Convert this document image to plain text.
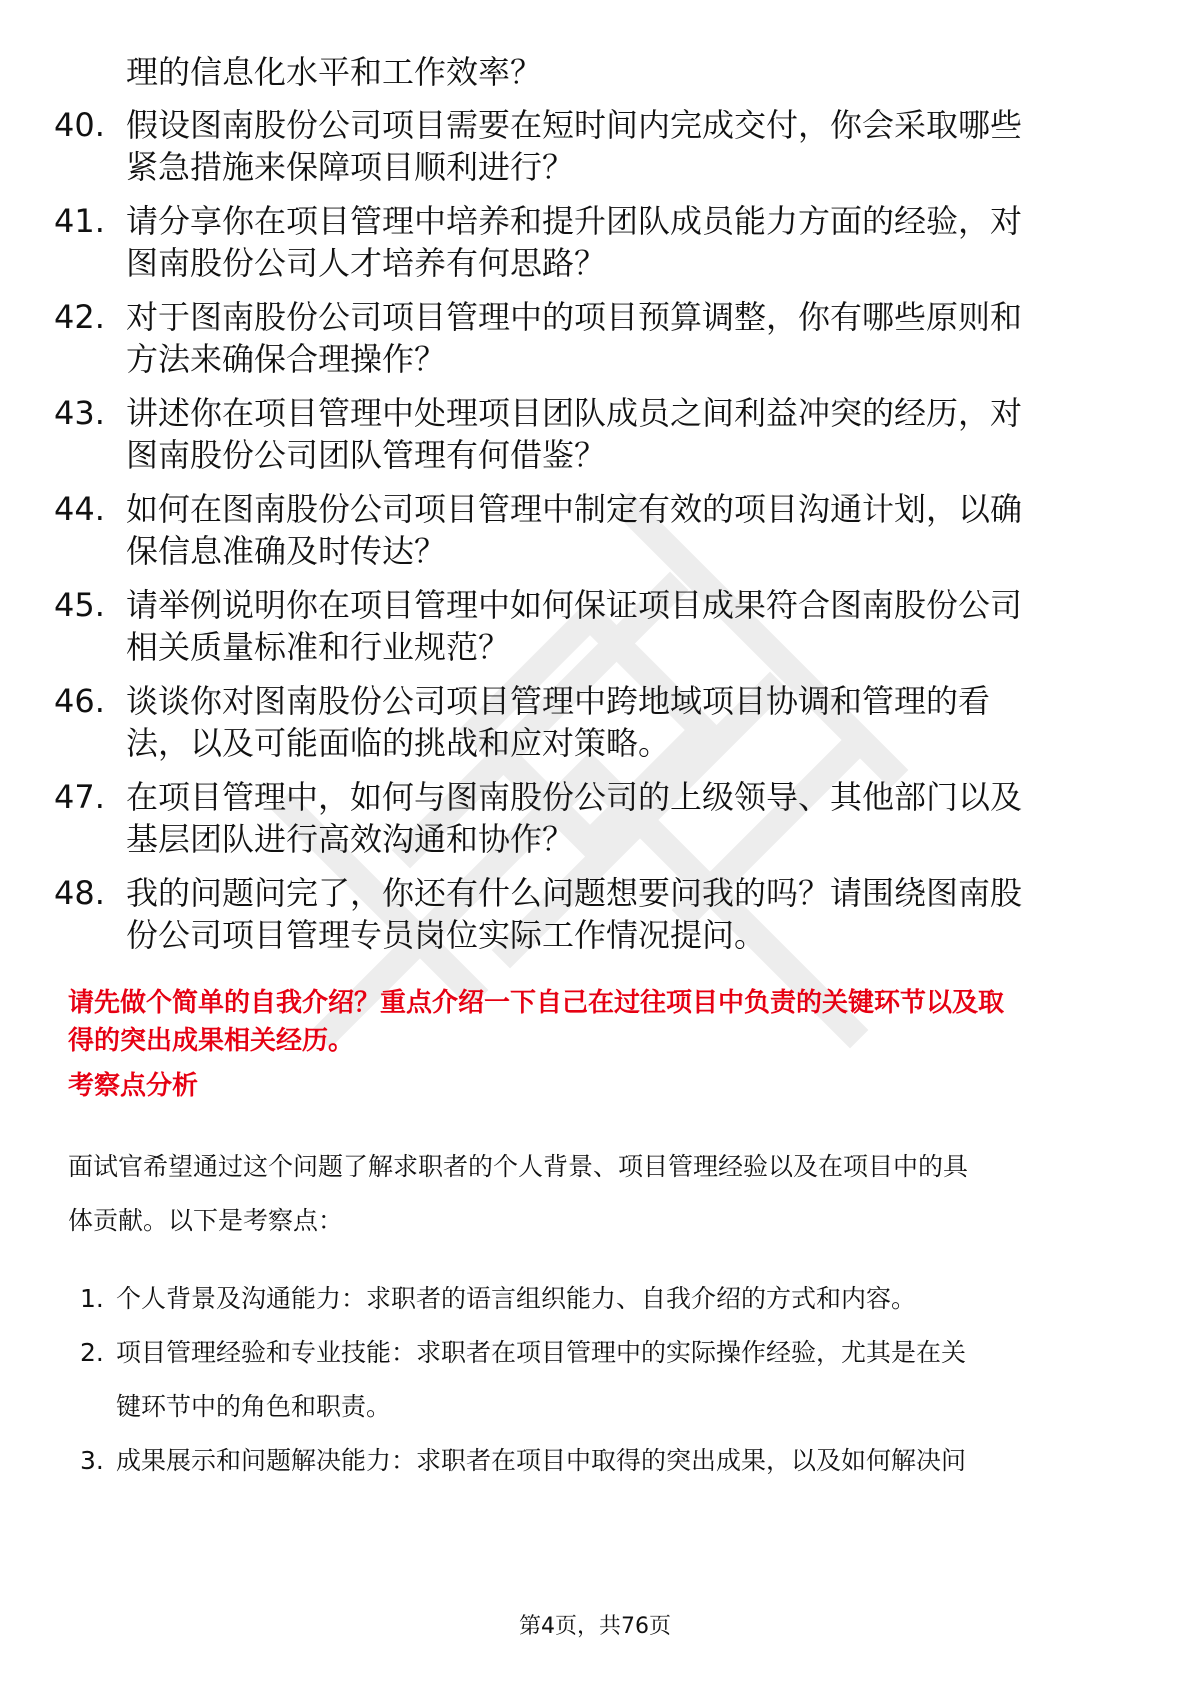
理的信息化水平和工作效率？
40. 假设图南股份公司项目需要在短时间内完成交付，你会采取哪些
紧急措施来保障项目顺利进行？
41. 请分享你在项目管理中培养和提升团队成员能力方面的经验，对
图南股份公司人才培养有何思路？
42. 对于图南股份公司项目管理中的项目预算调整，你有哪些原则和
方法来确保合理操作？
43. 讲述你在项目管理中处理项目团队成员之间利益冲突的经历，对
图南股份公司团队管理有何借鉴？
44. 如何在图南股份公司项目管理中制定有效的项目沟通计划，以确
保信息准确及时传达？
45. 请举例说明你在项目管理中如何保证项目成果符合图南股份公司
相关质量标准和行业规范？
46. 谈谈你对图南股份公司项目管理中跨地域项目协调和管理的看
法，以及可能面临的挑战和应对策略。
47. 在项目管理中，如何与图南股份公司的上级领导、其他部门以及
基层团队进行高效沟通和协作？
48. 我的问题问完了，你还有什么问题想要问我的吗？请围绕图南股
份公司项目管理专员岗位实际工作情况提问。
请先做个简单的自我介绍？重点介绍一下自己在过往项目中负责的关键环节以及取
得的突出成果相关经历。
考察点分析
面试官希望通过这个问题了解求职者的个人背景、项目管理经验以及在项目中的具
体贡献。以下是考察点：
1. 个人背景及沟通能力：求职者的语言组织能力、自我介绍的方式和内容。
2. 项目管理经验和专业技能：求职者在项目管理中的实际操作经验，尤其是在关
键环节中的角色和职责。
3. 成果展示和问题解决能力：求职者在项目中取得的突出成果，以及如何解决问
第4页，共76页
